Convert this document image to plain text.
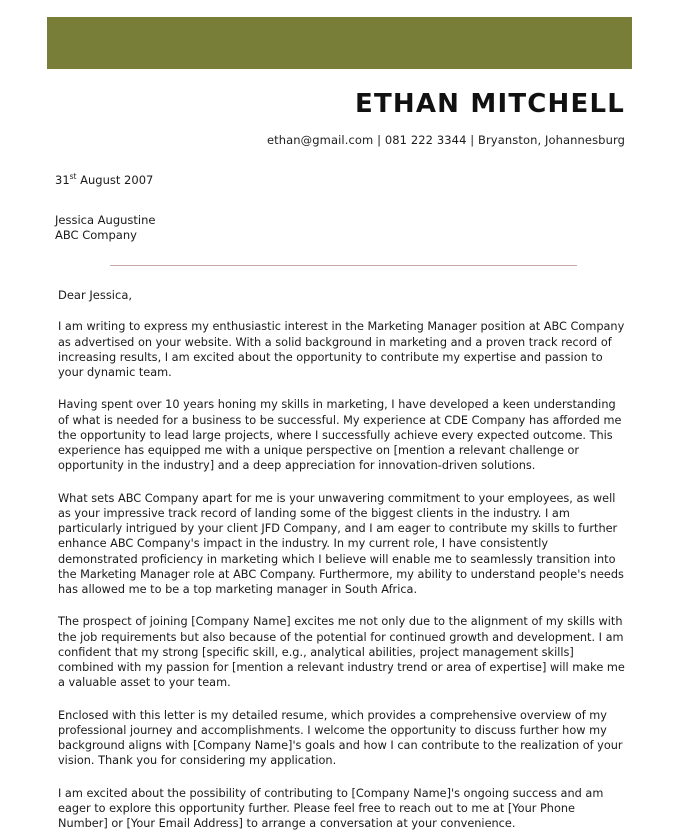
ETHAN MITCHELL
ethan@gmail.com | 081 222 3344 | Bryanston, Johannesburg
31st August 2007
Jessica Augustine
ABC Company
Dear Jessica,

I am writing to express my enthusiastic interest in the Marketing Manager position at ABC Company as advertised on your website. With a solid background in marketing and a proven track record of increasing results, I am excited about the opportunity to contribute my expertise and passion to your dynamic team.

Having spent over 10 years honing my skills in marketing, I have developed a keen understanding of what is needed for a business to be successful. My experience at CDE Company has afforded me the opportunity to lead large projects, where I successfully achieve every expected outcome. This experience has equipped me with a unique perspective on [mention a relevant challenge or opportunity in the industry] and a deep appreciation for innovation-driven solutions.

What sets ABC Company apart for me is your unwavering commitment to your employees, as well as your impressive track record of landing some of the biggest clients in the industry. I am particularly intrigued by your client JFD Company, and I am eager to contribute my skills to further enhance ABC Company's impact in the industry. In my current role, I have consistently demonstrated proficiency in marketing which I believe will enable me to seamlessly transition into the Marketing Manager role at ABC Company. Furthermore, my ability to understand people's needs has allowed me to be a top marketing manager in South Africa.

The prospect of joining [Company Name] excites me not only due to the alignment of my skills with the job requirements but also because of the potential for continued growth and development. I am confident that my strong [specific skill, e.g., analytical abilities, project management skills] combined with my passion for [mention a relevant industry trend or area of expertise] will make me a valuable asset to your team.

Enclosed with this letter is my detailed resume, which provides a comprehensive overview of my professional journey and accomplishments. I welcome the opportunity to discuss further how my background aligns with [Company Name]'s goals and how I can contribute to the realization of your vision. Thank you for considering my application.

I am excited about the possibility of contributing to [Company Name]'s ongoing success and am eager to explore this opportunity further. Please feel free to reach out to me at [Your Phone Number] or [Your Email Address] to arrange a conversation at your convenience.
